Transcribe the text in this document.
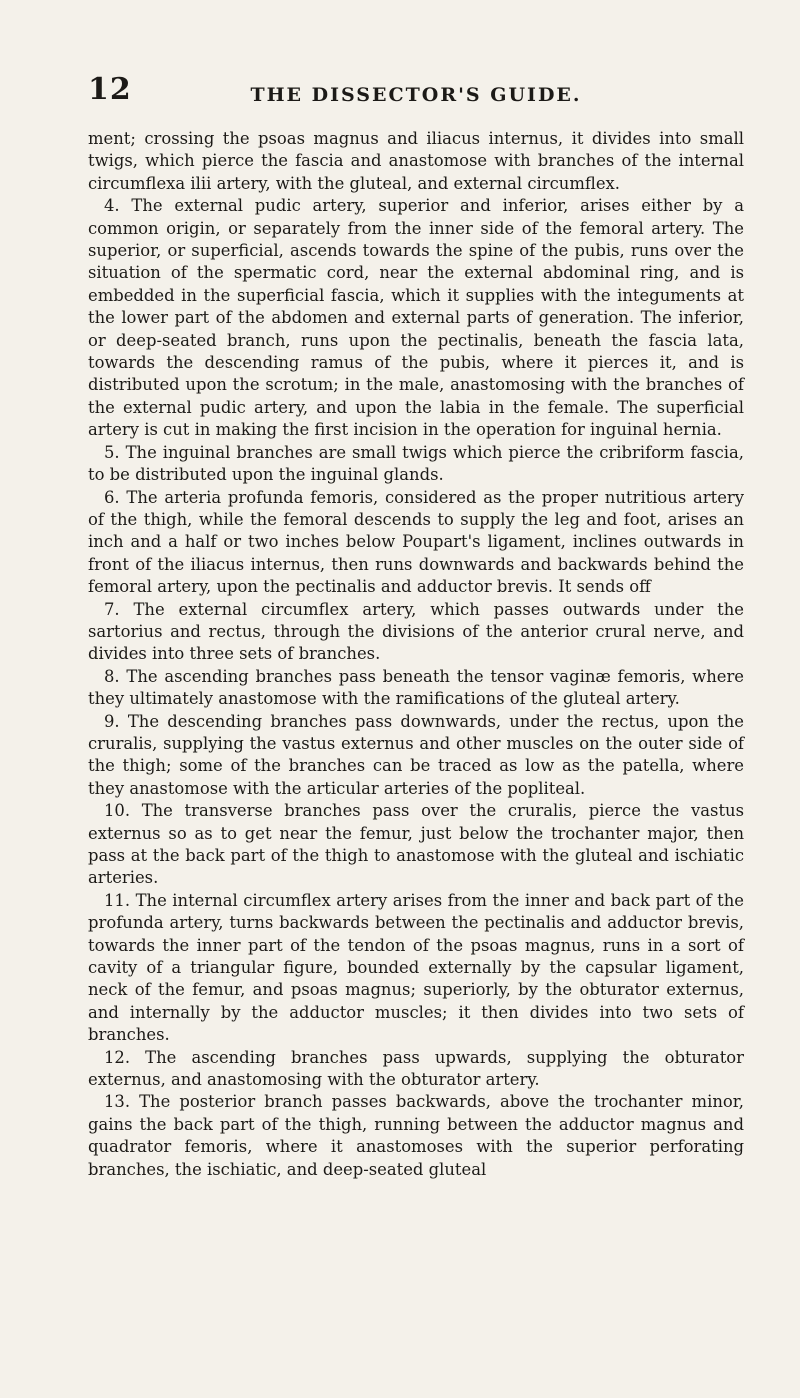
12	THE DISSECTOR'S GUIDE.

ment; crossing the psoas magnus and iliacus internus, it divides into small twigs, which pierce the fascia and anastomose with branches of the internal circumflexa ilii artery, with the gluteal, and external circumflex.

4. The external pudic artery, superior and inferior, arises either by a common origin, or separately from the inner side of the femoral artery. The superior, or superficial, ascends towards the spine of the pubis, runs over the situation of the spermatic cord, near the external abdominal ring, and is embedded in the superficial fascia, which it supplies with the integuments at the lower part of the abdomen and external parts of generation. The inferior, or deep-seated branch, runs upon the pectinalis, beneath the fascia lata, towards the descending ramus of the pubis, where it pierces it, and is distributed upon the scrotum; in the male, anastomosing with the branches of the external pudic artery, and upon the labia in the female. The superficial artery is cut in making the first incision in the operation for inguinal hernia.

5. The inguinal branches are small twigs which pierce the cribriform fascia, to be distributed upon the inguinal glands.

6. The arteria profunda femoris, considered as the proper nutritious artery of the thigh, while the femoral descends to supply the leg and foot, arises an inch and a half or two inches below Poupart's ligament, inclines outwards in front of the iliacus internus, then runs downwards and backwards behind the femoral artery, upon the pectinalis and adductor brevis. It sends off

7. The external circumflex artery, which passes outwards under the sartorius and rectus, through the divisions of the anterior crural nerve, and divides into three sets of branches.

8. The ascending branches pass beneath the tensor vaginæ femoris, where they ultimately anastomose with the ramifications of the gluteal artery.

9. The descending branches pass downwards, under the rectus, upon the cruralis, supplying the vastus externus and other muscles on the outer side of the thigh; some of the branches can be traced as low as the patella, where they anastomose with the articular arteries of the popliteal.

10. The transverse branches pass over the cruralis, pierce the vastus externus so as to get near the femur, just below the trochanter major, then pass at the back part of the thigh to anastomose with the gluteal and ischiatic arteries.

11. The internal circumflex artery arises from the inner and back part of the profunda artery, turns backwards between the pectinalis and adductor brevis, towards the inner part of the tendon of the psoas magnus, runs in a sort of cavity of a triangular figure, bounded externally by the capsular ligament, neck of the femur, and psoas magnus; superiorly, by the obturator externus, and internally by the adductor muscles; it then divides into two sets of branches.

12. The ascending branches pass upwards, supplying the obturator externus, and anastomosing with the obturator artery.

13. The posterior branch passes backwards, above the trochanter minor, gains the back part of the thigh, running between the adductor magnus and quadrator femoris, where it anastomoses with the superior perforating branches, the ischiatic, and deep-seated gluteal
